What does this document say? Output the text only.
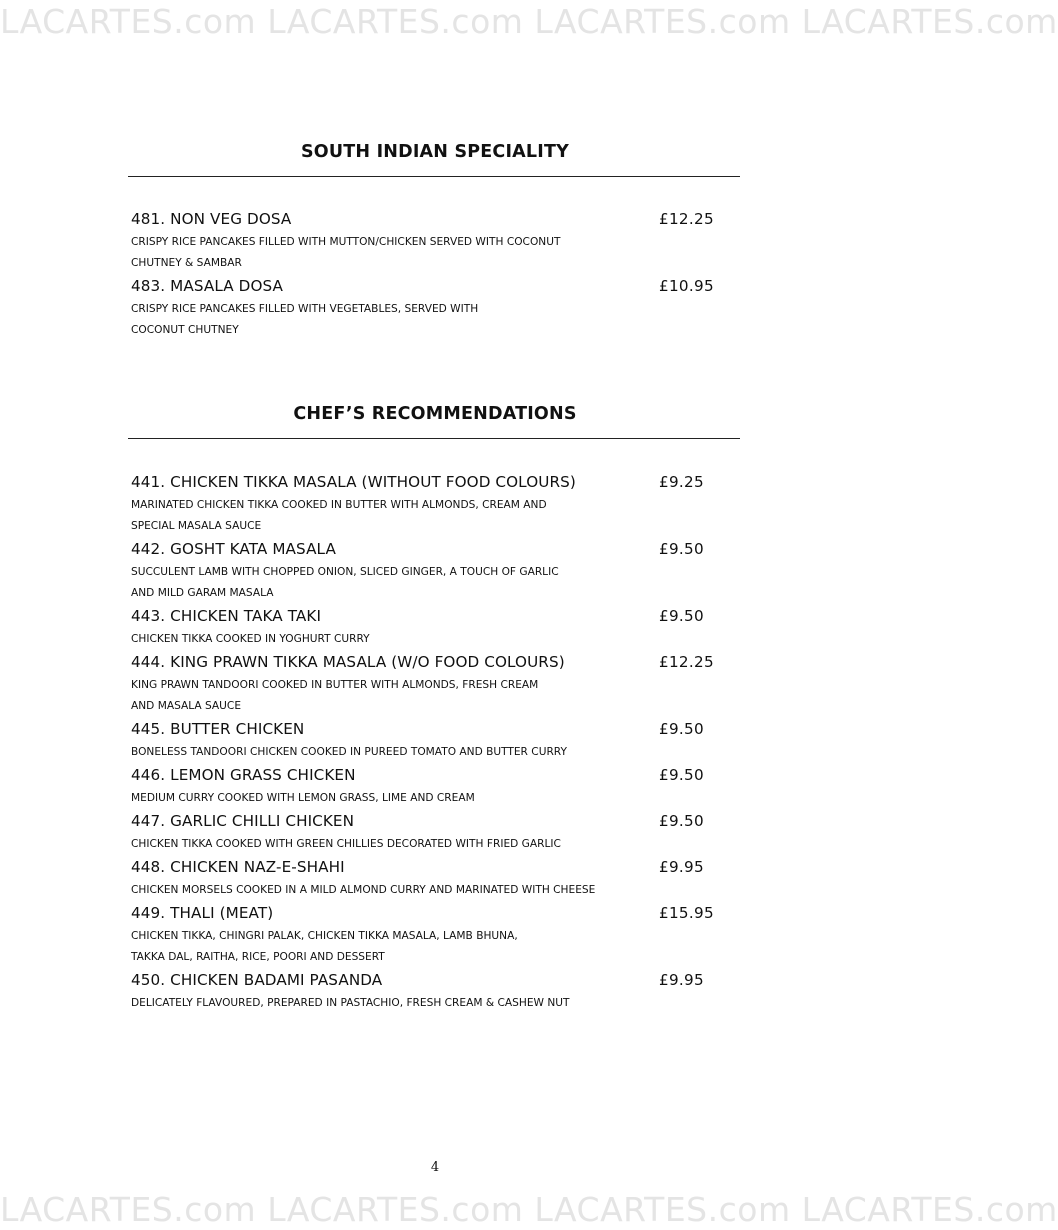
LACARTES.com LACARTES.com LACARTES.com LACARTES.com
SOUTH INDIAN SPECIALITY
481. NON VEG DOSA	£12.25
CRISPY RICE PANCAKES FILLED WITH MUTTON/CHICKEN SERVED WITH COCONUT
CHUTNEY & SAMBAR
483. MASALA DOSA	£10.95
CRISPY RICE PANCAKES FILLED WITH VEGETABLES, SERVED WITH
COCONUT CHUTNEY
CHEF’S RECOMMENDATIONS
441. CHICKEN TIKKA MASALA (WITHOUT FOOD COLOURS)	£9.25
MARINATED CHICKEN TIKKA COOKED IN BUTTER WITH ALMONDS, CREAM AND
SPECIAL MASALA SAUCE
442. GOSHT KATA MASALA	£9.50
SUCCULENT LAMB WITH CHOPPED ONION, SLICED GINGER, A TOUCH OF GARLIC
AND MILD GARAM MASALA
443. CHICKEN TAKA TAKI	£9.50
CHICKEN TIKKA COOKED IN YOGHURT CURRY
444. KING PRAWN TIKKA MASALA (W/O FOOD COLOURS)	£12.25
KING PRAWN TANDOORI COOKED IN BUTTER WITH ALMONDS, FRESH CREAM
AND MASALA SAUCE
445. BUTTER CHICKEN	£9.50
BONELESS TANDOORI CHICKEN COOKED IN PUREED TOMATO AND BUTTER CURRY
446. LEMON GRASS CHICKEN	£9.50
MEDIUM CURRY COOKED WITH LEMON GRASS, LIME AND CREAM
447. GARLIC CHILLI CHICKEN	£9.50
CHICKEN TIKKA COOKED WITH GREEN CHILLIES DECORATED WITH FRIED GARLIC
448. CHICKEN NAZ-E-SHAHI	£9.95
CHICKEN MORSELS COOKED IN A MILD ALMOND CURRY AND MARINATED WITH CHEESE
449. THALI (MEAT)	£15.95
CHICKEN TIKKA, CHINGRI PALAK, CHICKEN TIKKA MASALA, LAMB BHUNA,
TAKKA DAL, RAITHA, RICE, POORI AND DESSERT
450. CHICKEN BADAMI PASANDA	£9.95
DELICATELY FLAVOURED, PREPARED IN PASTACHIO, FRESH CREAM & CASHEW NUT
4
LACARTES.com LACARTES.com LACARTES.com LACARTES.com
